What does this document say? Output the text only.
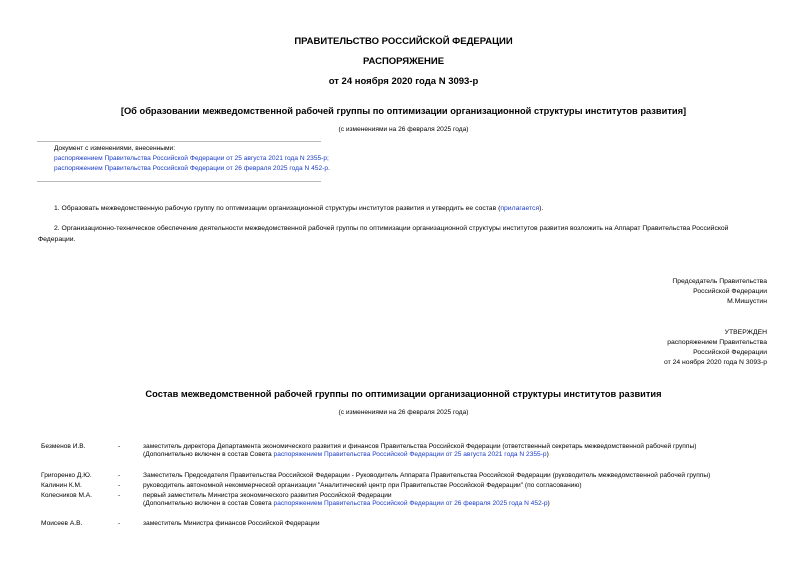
ПРАВИТЕЛЬСТВО РОССИЙСКОЙ ФЕДЕРАЦИИ
РАСПОРЯЖЕНИЕ
от 24 ноября 2020 года N 3093-р
[Об образовании межведомственной рабочей группы по оптимизации организационной структуры институтов развития]
(с изменениями на 26 февраля 2025 года)
Документ с изменениями, внесенными:
распоряжением Правительства Российской Федерации от 25 августа 2021 года N 2355-р;
распоряжением Правительства Российской Федерации от 26 февраля 2025 года N 452-р.
1. Образовать межведомственную рабочую группу по оптимизации организационной структуры институтов развития и утвердить ее состав (прилагается).
2. Организационно-техническое обеспечение деятельности межведомственной рабочей группы по оптимизации организационной структуры институтов развития возложить на Аппарат Правительства Российской
Федерации.
Председатель Правительства
Российской Федерации
М.Мишустин
УТВЕРЖДЕН
распоряжением Правительства
Российской Федерации
от 24 ноября 2020 года N 3093-р
Состав межведомственной рабочей группы по оптимизации организационной структуры институтов развития
(с изменениями на 26 февраля 2025 года)
Безменов И.В.	-	заместитель директора Департамента экономического развития и финансов Правительства Российской Федерации (ответственный секретарь межведомственной рабочей группы)
(Дополнительно включен в состав Совета распоряжением Правительства Российской Федерации от 25 августа 2021 года N 2355-р)
Григоренко Д.Ю.	-	Заместитель Председателя Правительства Российской Федерации - Руководитель Аппарата Правительства Российской Федерации (руководитель межведомственной рабочей группы)
Калинин К.М.	-	руководитель автономной некоммерческой организации "Аналитический центр при Правительстве Российской Федерации" (по согласованию)
Колесников М.А.	-	первый заместитель Министра экономического развития Российской Федерации
(Дополнительно включен в состав Совета распоряжением Правительства Российской Федерации от 26 февраля 2025 года N 452-р)
Моисеев А.В.	-	заместитель Министра финансов Российской Федерации
